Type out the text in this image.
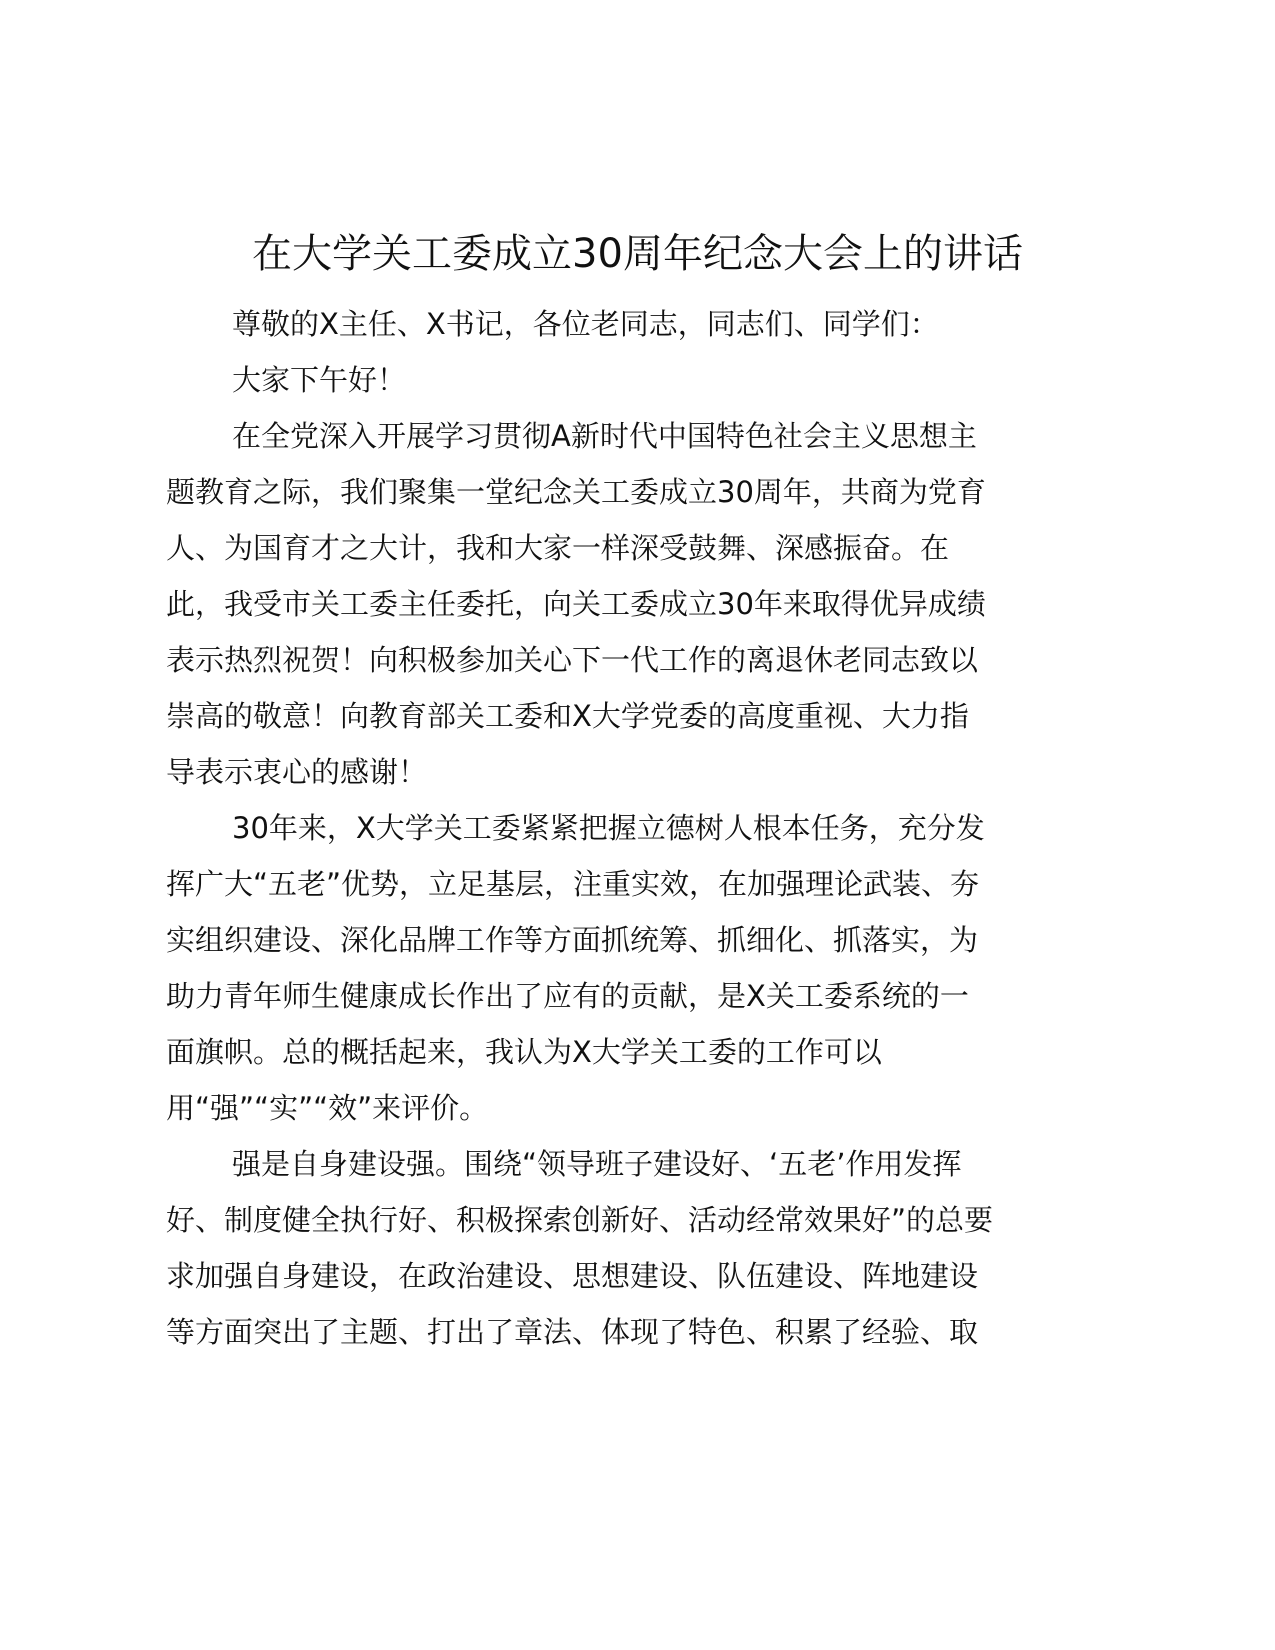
在大学关工委成立30周年纪念大会上的讲话

尊敬的X主任、X书记，各位老同志，同志们、同学们：

大家下午好！

在全党深入开展学习贯彻A新时代中国特色社会主义思想主

题教育之际，我们聚集一堂纪念关工委成立30周年，共商为党育

人、为国育才之大计，我和大家一样深受鼓舞、深感振奋。在

此，我受市关工委主任委托，向关工委成立30年来取得优异成绩

表示热烈祝贺！向积极参加关心下一代工作的离退休老同志致以

崇高的敬意！向教育部关工委和X大学党委的高度重视、大力指

导表示衷心的感谢！

30年来，X大学关工委紧紧把握立德树人根本任务，充分发

挥广大“五老”优势，立足基层，注重实效，在加强理论武装、夯

实组织建设、深化品牌工作等方面抓统筹、抓细化、抓落实，为

助力青年师生健康成长作出了应有的贡献，是X关工委系统的一

面旗帜。总的概括起来，我认为X大学关工委的工作可以

用“强”“实”“效”来评价。

强是自身建设强。围绕“领导班子建设好、‘五老’作用发挥

好、制度健全执行好、积极探索创新好、活动经常效果好”的总要

求加强自身建设，在政治建设、思想建设、队伍建设、阵地建设

等方面突出了主题、打出了章法、体现了特色、积累了经验、取
